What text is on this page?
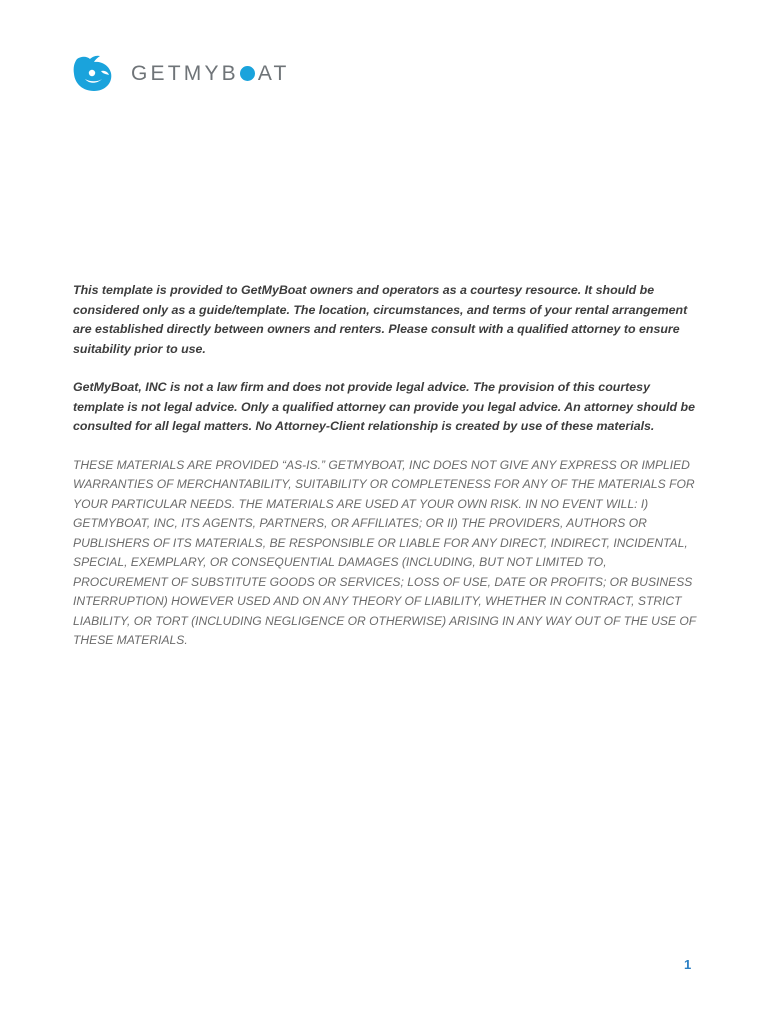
GETMYB AT

This template is provided to GetMyBoat owners and operators as a courtesy resource. It should be considered only as a guide/template. The location, circumstances, and terms of your rental arrangement are established directly between owners and renters. Please consult with a qualified attorney to ensure suitability prior to use.

GetMyBoat, INC is not a law firm and does not provide legal advice. The provision of this courtesy template is not legal advice. Only a qualified attorney can provide you legal advice. An attorney should be consulted for all legal matters. No Attorney-Client relationship is created by use of these materials.

THESE MATERIALS ARE PROVIDED “AS-IS.” GETMYBOAT, INC DOES NOT GIVE ANY EXPRESS OR IMPLIED WARRANTIES OF MERCHANTABILITY, SUITABILITY OR COMPLETENESS FOR ANY OF THE MATERIALS FOR YOUR PARTICULAR NEEDS. THE MATERIALS ARE USED AT YOUR OWN RISK. IN NO EVENT WILL: I) GETMYBOAT, INC, ITS AGENTS, PARTNERS, OR AFFILIATES; OR II) THE PROVIDERS, AUTHORS OR PUBLISHERS OF ITS MATERIALS, BE RESPONSIBLE OR LIABLE FOR ANY DIRECT, INDIRECT, INCIDENTAL, SPECIAL, EXEMPLARY, OR CONSEQUENTIAL DAMAGES (INCLUDING, BUT NOT LIMITED TO, PROCUREMENT OF SUBSTITUTE GOODS OR SERVICES; LOSS OF USE, DATE OR PROFITS; OR BUSINESS INTERRUPTION) HOWEVER USED AND ON ANY THEORY OF LIABILITY, WHETHER IN CONTRACT, STRICT LIABILITY, OR TORT (INCLUDING NEGLIGENCE OR OTHERWISE) ARISING IN ANY WAY OUT OF THE USE OF THESE MATERIALS.

1
